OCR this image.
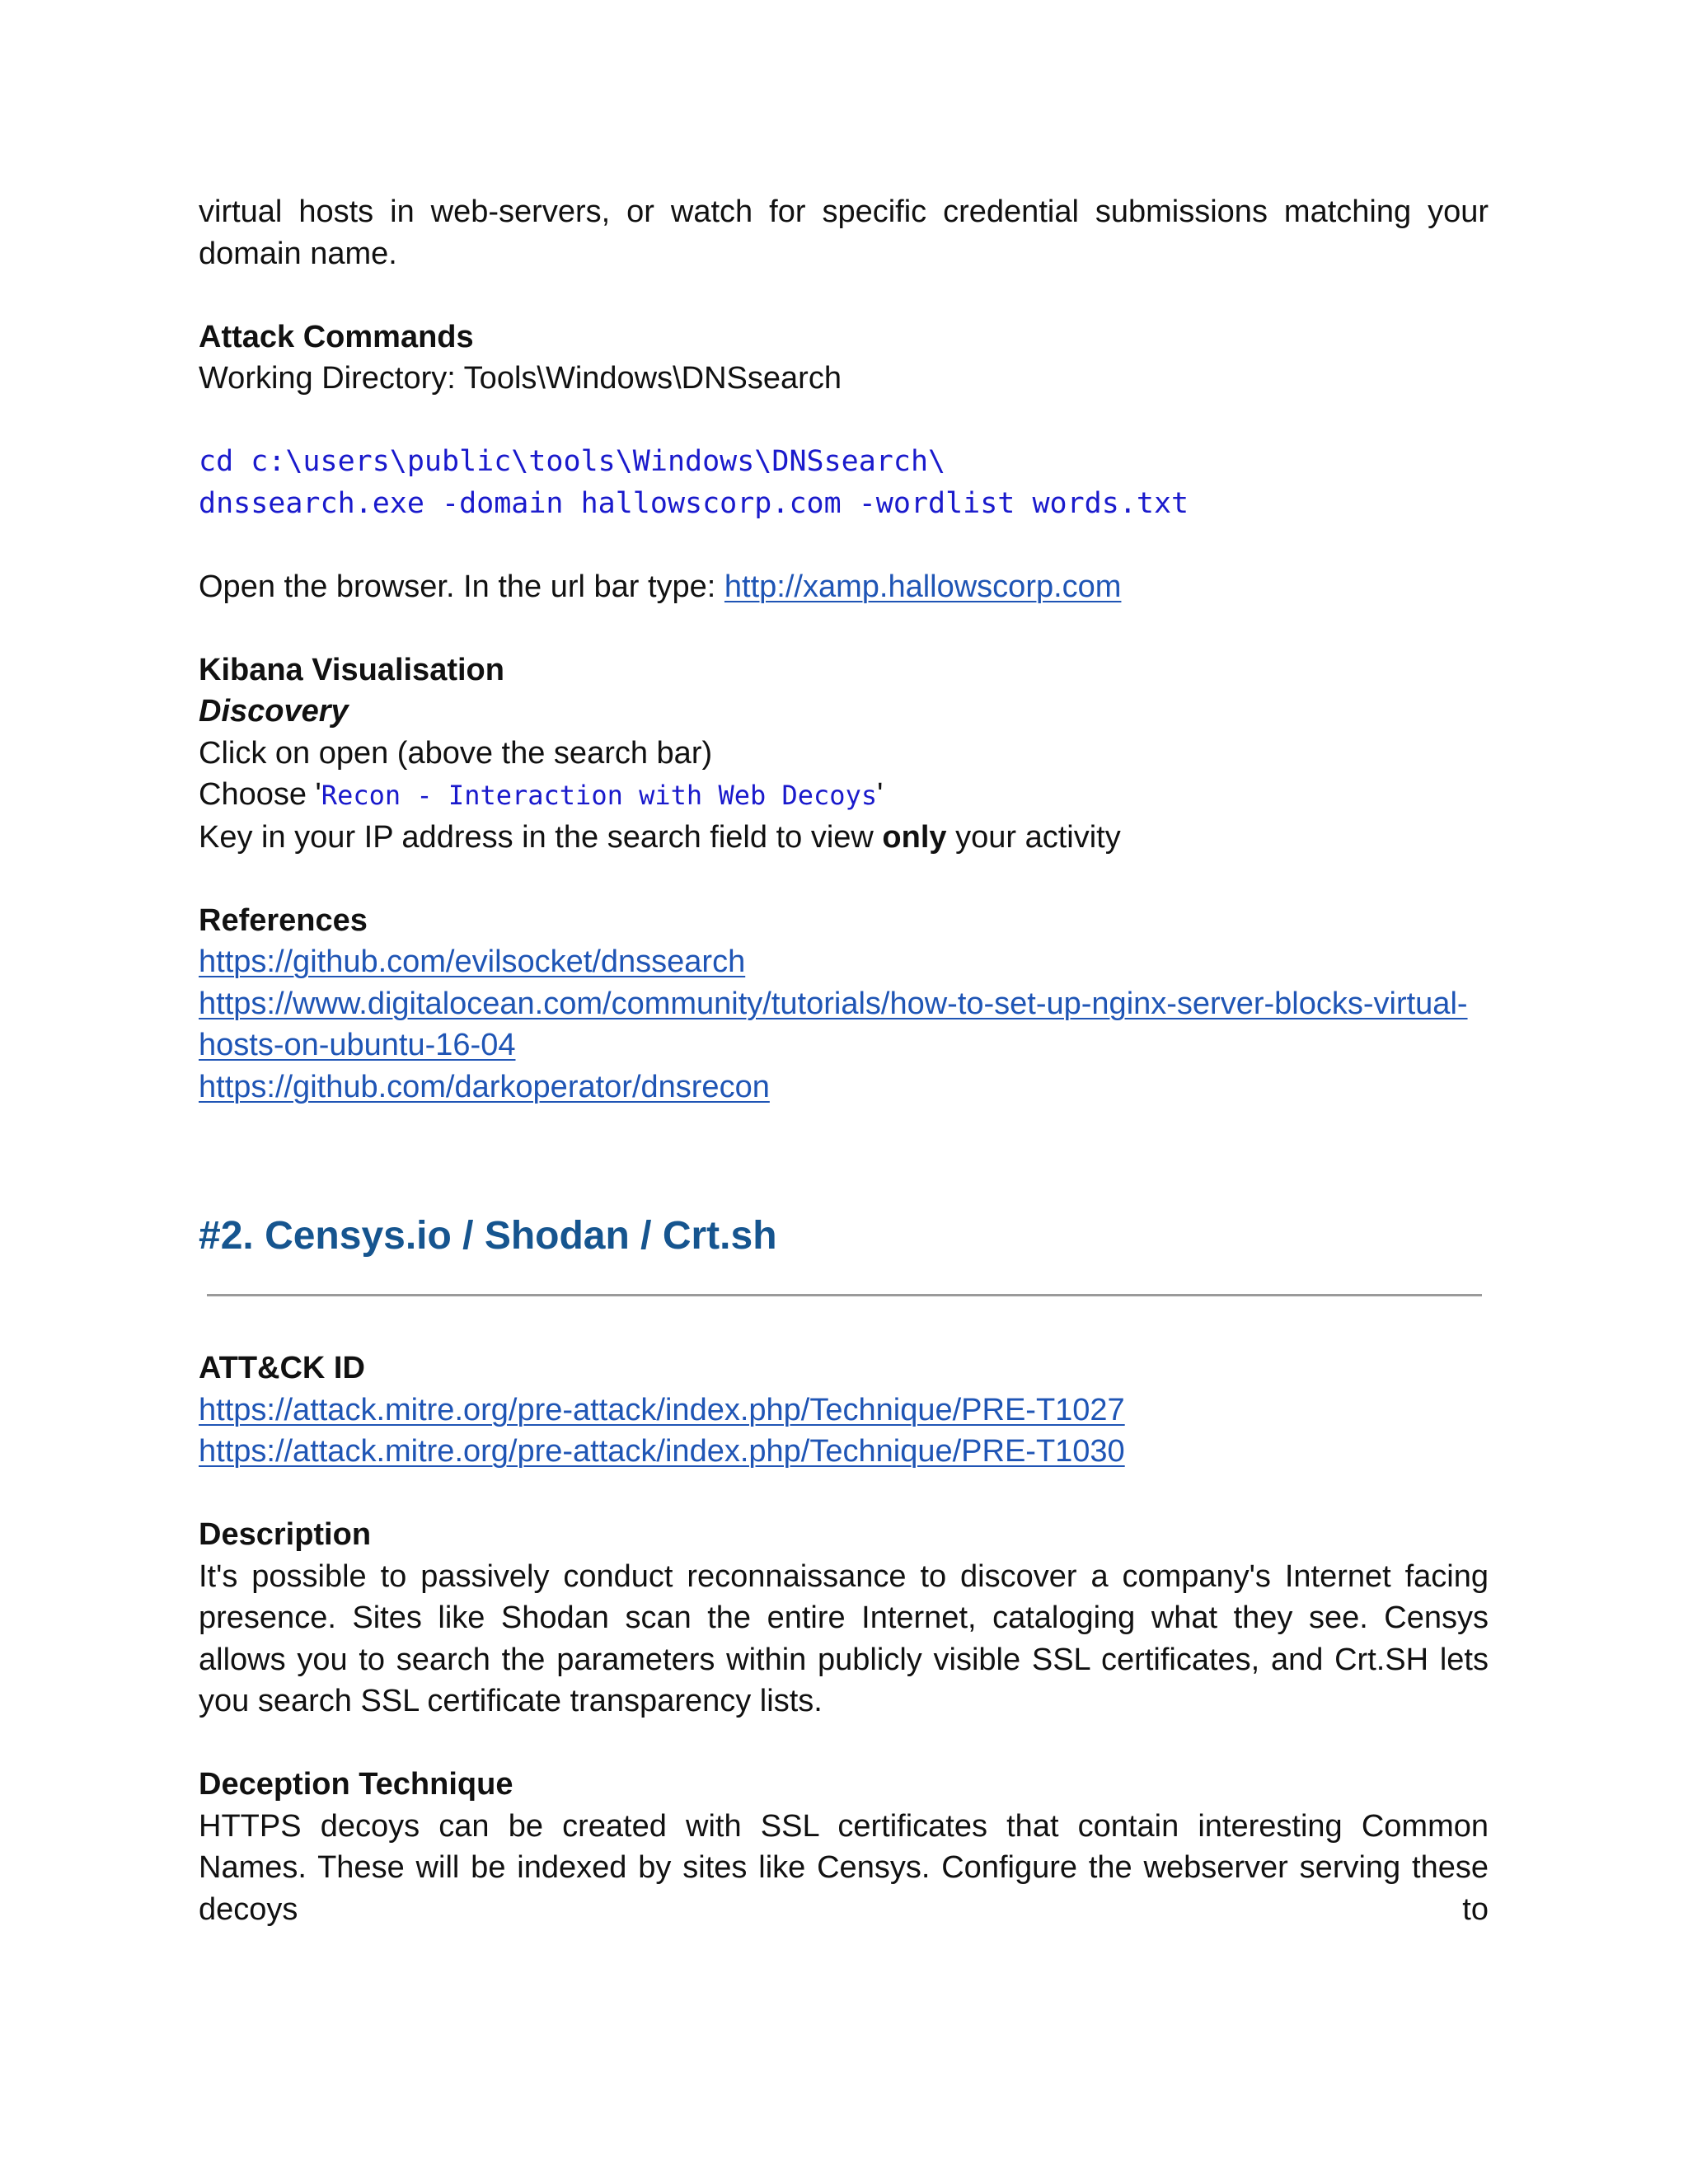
virtual hosts in web-servers, or watch for specific credential submissions matching your domain name.

Attack Commands

Working Directory: Tools\Windows\DNSsearch

cd c:\users\public\tools\Windows\DNSsearch\
dnssearch.exe -domain hallowscorp.com -wordlist words.txt

Open the browser. In the url bar type: http://xamp.hallowscorp.com

Kibana Visualisation

Discovery

Click on open (above the search bar)

Choose 'Recon - Interaction with Web Decoys'

Key in your IP address in the search field to view only your activity

References

https://github.com/evilsocket/dnssearch

https://www.digitalocean.com/community/tutorials/how-to-set-up-nginx-server-blocks-virtual-

hosts-on-ubuntu-16-04

https://github.com/darkoperator/dnsrecon

#2. Censys.io / Shodan / Crt.sh
ATT&CK ID

https://attack.mitre.org/pre-attack/index.php/Technique/PRE-T1027

https://attack.mitre.org/pre-attack/index.php/Technique/PRE-T1030

Description

It's possible to passively conduct reconnaissance to discover a company's Internet facing presence. Sites like Shodan scan the entire Internet, cataloging what they see. Censys allows you to search the parameters within publicly visible SSL certificates, and Crt.SH lets you search SSL certificate transparency lists.

Deception Technique

HTTPS decoys can be created with SSL certificates that contain interesting Common Names. These will be indexed by sites like Censys. Configure the webserver serving these decoys to
